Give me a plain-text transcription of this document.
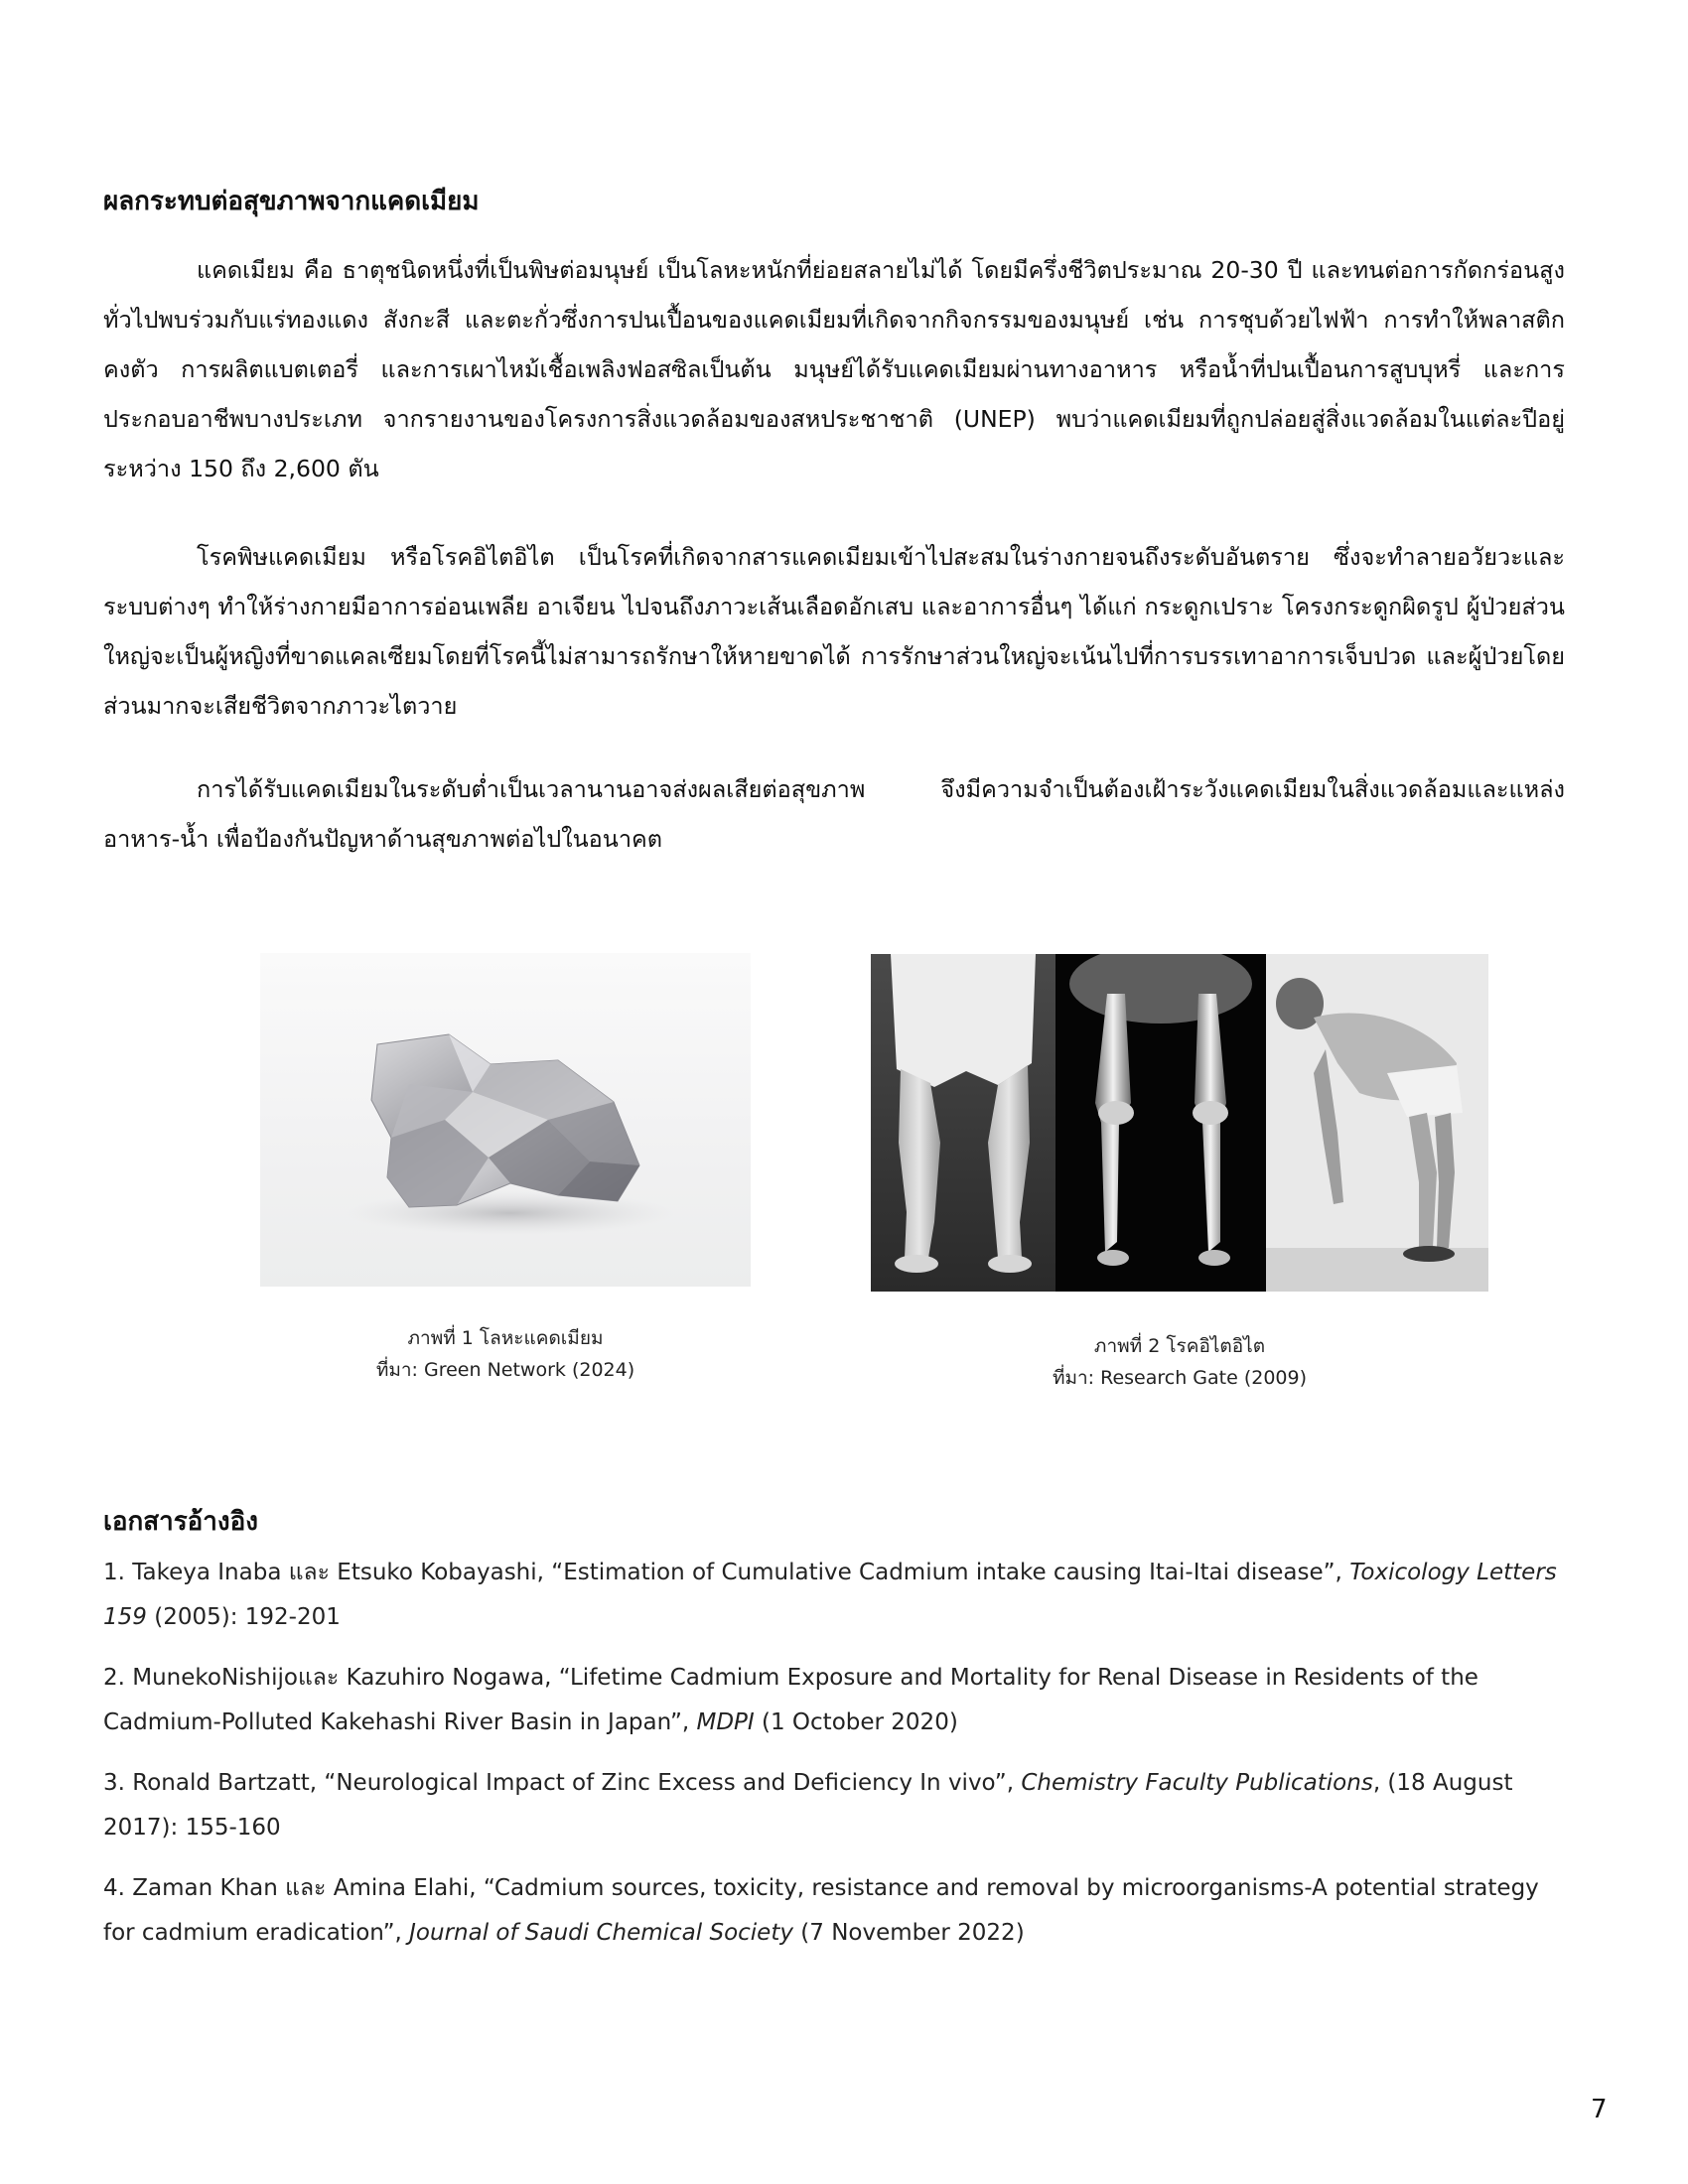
ผลกระทบต่อสุขภาพจากแคดเมียม
แคดเมียม คือ ธาตุชนิดหนึ่งที่เป็นพิษต่อมนุษย์ เป็นโลหะหนักที่ย่อยสลายไม่ได้ โดยมีครึ่งชีวิตประมาณ 20-30 ปี และทนต่อการกัดกร่อนสูงทั่วไปพบร่วมกับแร่ทองแดง สังกะสี และตะกั่วซึ่งการปนเปื้อนของแคดเมียมที่เกิดจากกิจกรรมของมนุษย์ เช่น การชุบด้วยไฟฟ้า การทำให้พลาสติกคงตัว การผลิตแบตเตอรี่ และการเผาไหม้เชื้อเพลิงฟอสซิลเป็นต้น มนุษย์ได้รับแคดเมียมผ่านทางอาหาร หรือน้ำที่ปนเปื้อนการสูบบุหรี่ และการประกอบอาชีพบางประเภท จากรายงานของโครงการสิ่งแวดล้อมของสหประชาชาติ (UNEP) พบว่าแคดเมียมที่ถูกปล่อยสู่สิ่งแวดล้อมในแต่ละปีอยู่ระหว่าง 150 ถึง 2,600 ตัน
โรคพิษแคดเมียม หรือโรคอิไตอิไต เป็นโรคที่เกิดจากสารแคดเมียมเข้าไปสะสมในร่างกายจนถึงระดับอันตราย ซึ่งจะทำลายอวัยวะและระบบต่างๆ ทำให้ร่างกายมีอาการอ่อนเพลีย อาเจียน ไปจนถึงภาวะเส้นเลือดอักเสบ และอาการอื่นๆ ได้แก่ กระดูกเปราะ โครงกระดูกผิดรูป ผู้ป่วยส่วนใหญ่จะเป็นผู้หญิงที่ขาดแคลเซียมโดยที่โรคนี้ไม่สามารถรักษาให้หายขาดได้ การรักษาส่วนใหญ่จะเน้นไปที่การบรรเทาอาการเจ็บปวด และผู้ป่วยโดยส่วนมากจะเสียชีวิตจากภาวะไตวาย
การได้รับแคดเมียมในระดับต่ำเป็นเวลานานอาจส่งผลเสียต่อสุขภาพ จึงมีความจำเป็นต้องเฝ้าระวังแคดเมียมในสิ่งแวดล้อมและแหล่งอาหาร-น้ำ เพื่อป้องกันปัญหาด้านสุขภาพต่อไปในอนาคต
ภาพที่ 1 โลหะแคดเมียม
ที่มา: Green Network (2024)
ภาพที่ 2 โรคอิไตอิไต
ที่มา: Research Gate (2009)
เอกสารอ้างอิง
1. Takeya Inaba และ Etsuko Kobayashi, “Estimation of Cumulative Cadmium intake causing Itai-Itai disease”, Toxicology Letters 159 (2005): 192-201
2. MunekoNishijoและ Kazuhiro Nogawa, “Lifetime Cadmium Exposure and Mortality for Renal Disease in Residents of the Cadmium-Polluted Kakehashi River Basin in Japan”, MDPI (1 October 2020)
3. Ronald Bartzatt, “Neurological Impact of Zinc Excess and Deficiency In vivo”, Chemistry Faculty Publications, (18 August 2017): 155-160
4. Zaman Khan และ Amina Elahi, “Cadmium sources, toxicity, resistance and removal by microorganisms-A potential strategy for cadmium eradication”, Journal of Saudi Chemical Society (7 November 2022)
7
